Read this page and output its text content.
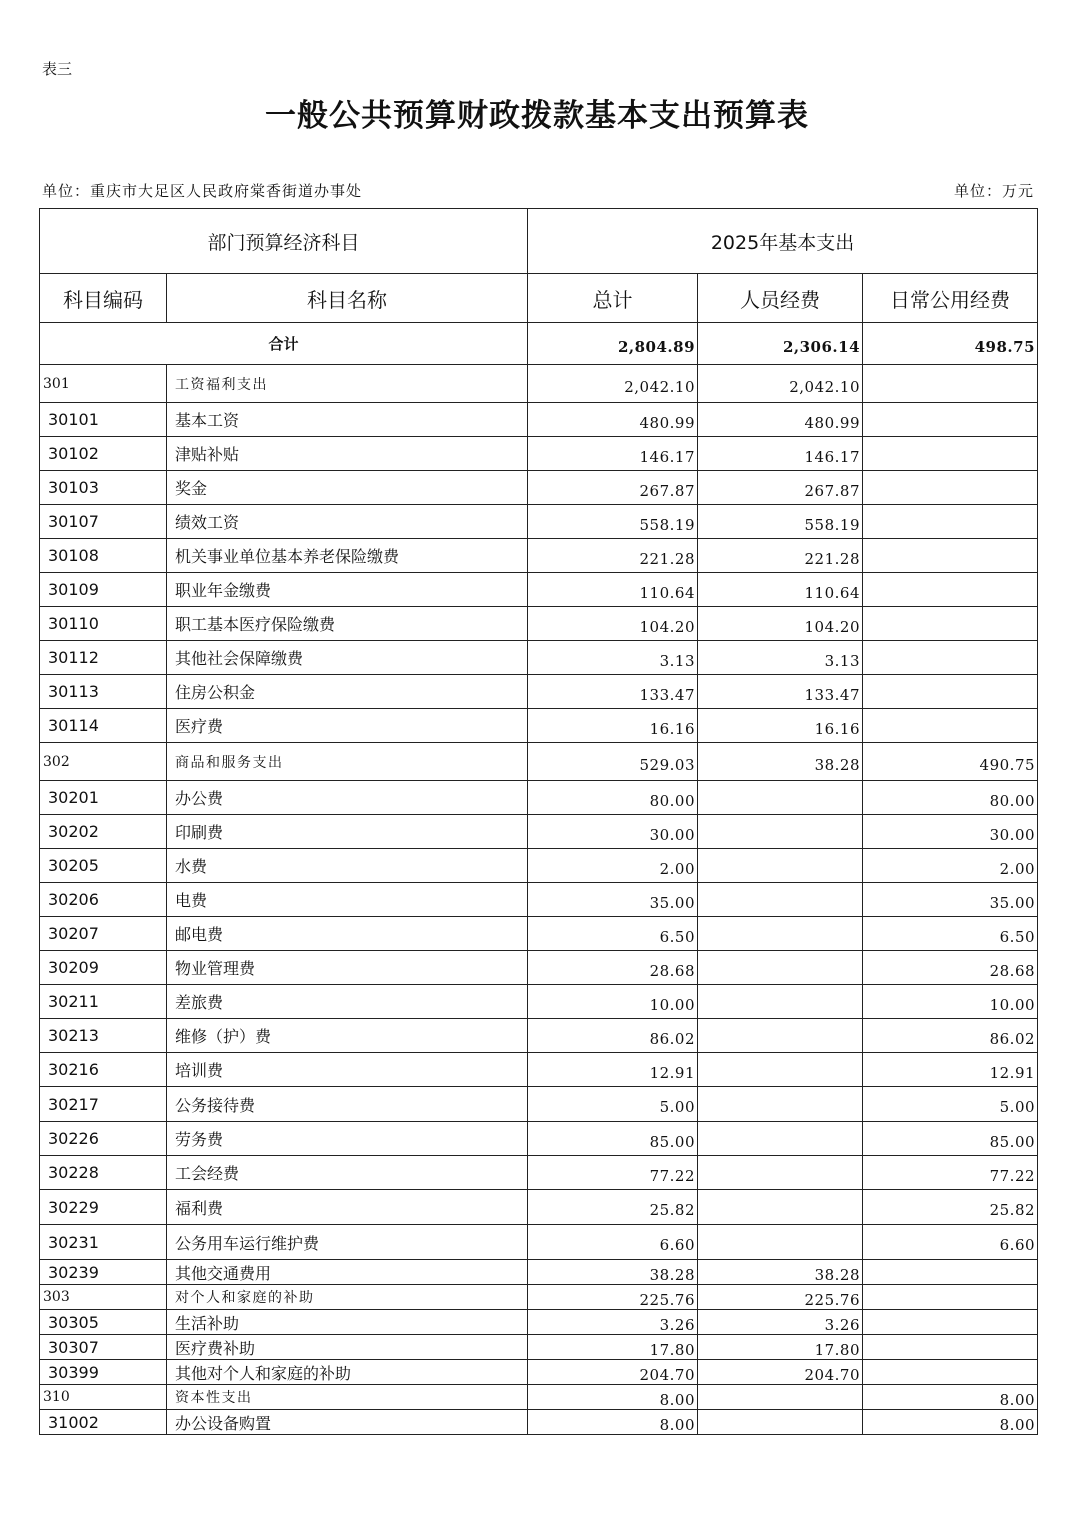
表三
一般公共预算财政拨款基本支出预算表
单位：重庆市大足区人民政府棠香街道办事处	单位：万元
部门预算经济科目		2025年基本支出		
科目编码	科目名称	总计	人员经费	日常公用经费
合计		2,804.89	2,306.14	498.75
301	工资福利支出	2,042.10	2,042.10	
30101	基本工资	480.99	480.99	
30102	津贴补贴	146.17	146.17	
30103	奖金	267.87	267.87	
30107	绩效工资	558.19	558.19	
30108	机关事业单位基本养老保险缴费	221.28	221.28	
30109	职业年金缴费	110.64	110.64	
30110	职工基本医疗保险缴费	104.20	104.20	
30112	其他社会保障缴费	3.13	3.13	
30113	住房公积金	133.47	133.47	
30114	医疗费	16.16	16.16	
302	商品和服务支出	529.03	38.28	490.75
30201	办公费	80.00		80.00
30202	印刷费	30.00		30.00
30205	水费	2.00		2.00
30206	电费	35.00		35.00
30207	邮电费	6.50		6.50
30209	物业管理费	28.68		28.68
30211	差旅费	10.00		10.00
30213	维修（护）费	86.02		86.02
30216	培训费	12.91		12.91
30217	公务接待费	5.00		5.00
30226	劳务费	85.00		85.00
30228	工会经费	77.22		77.22
30229	福利费	25.82		25.82
30231	公务用车运行维护费	6.60		6.60
30239	其他交通费用	38.28	38.28	
303	对个人和家庭的补助	225.76	225.76	
30305	生活补助	3.26	3.26	
30307	医疗费补助	17.80	17.80	
30399	其他对个人和家庭的补助	204.70	204.70	
310	资本性支出	8.00		8.00
31002	办公设备购置	8.00		8.00
